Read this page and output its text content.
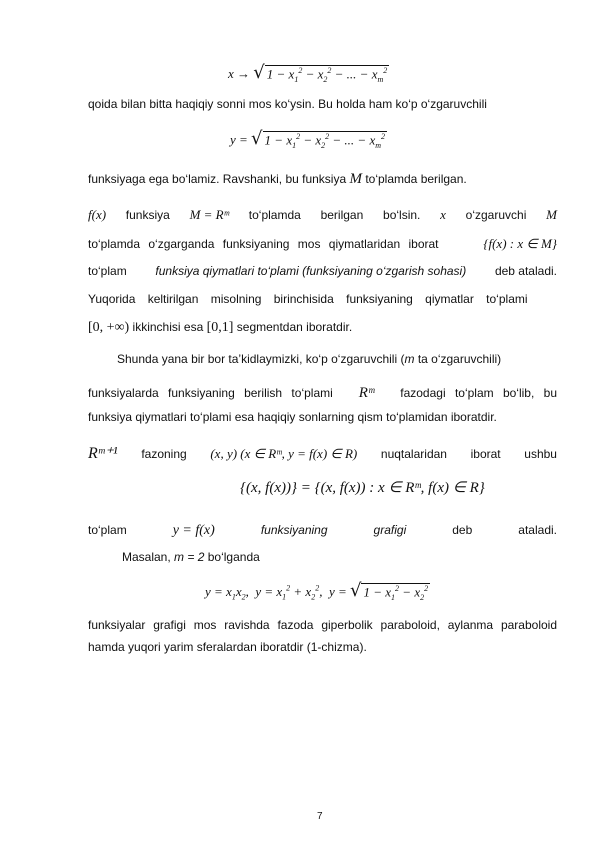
x → √ $1 - x_1^2 - x_2^2$ − ... − $x_m^2$
qoida bilan bitta haqiqiy sonni mos ko‘ysin. Bu holda ham ko‘p o‘zgaruvchili
y = √ $1 - x_1^2 - x_2^2$ − ... − $x_m^2$
funksiyaga ega bo‘lamiz. Ravshanki, bu funksiya M to‘plamda berilgan.
f(x) funksiya M = Rᵐ to‘plamda berilgan bo‘lsin. x o‘zgaruvchi M
to‘plamda o‘zgarganda funksiyaning mos qiymatlaridan iborat	{f(x) : x ∈ M}
to‘plam funksiya qiymatlari to‘plami (funksiyaning o‘zgarish sohasi) deb ataladi.
Yuqorida keltirilgan misolning birinchisida funksiyaning qiymatlar to‘plami
[0, +∞) ikkinchisi esa [0,1] segmentdan iboratdir.
Shunda yana bir bor ta’kidlaymizki, ko‘p o‘zgaruvchili (m ta o‘zgaruvchili)
funksiyalarda funksiyaning berilish to‘plami Rᵐ fazodagi to‘plam bo‘lib, bu
funksiya qiymatlari to‘plami esa haqiqiy sonlarning qism to‘plamidan iboratdir.
Rᵐ⁺¹ fazoning (x, y) (x ∈ Rᵐ, y = f(x) ∈ R) nuqtalaridan iborat ushbu
{(x, f(x))} = {(x, f(x)) : x ∈ Rᵐ, f(x) ∈ R}
to‘plam	y = f(x)	funksiyaning	grafigi	deb	ataladi.
Masalan, m = 2 bo‘lganda
$y = x_1x_2$,  $y = x_1^2 + x_2^2$,  y = √ $1 - x_1^2 - x_2^2$
funksiyalar grafigi mos ravishda fazoda giperbolik paraboloid, aylanma paraboloid hamda yuqori yarim sferalardan iboratdir (1-chizma).
7
